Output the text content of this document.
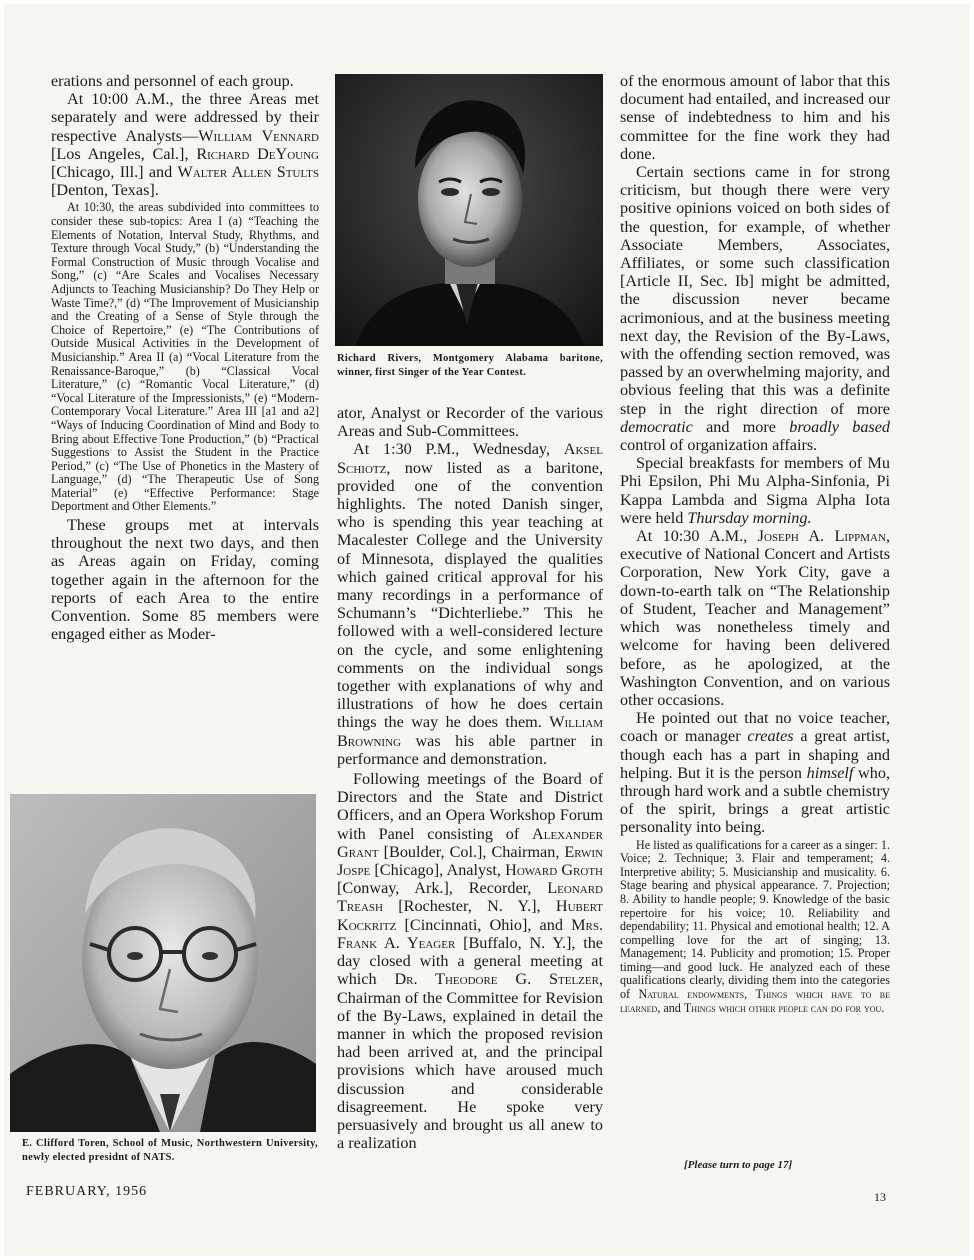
erations and personnel of each group.

At 10:00 A.M., the three Areas met separately and were addressed by their respective Analysts—William Vennard [Los Angeles, Cal.], Richard DeYoung [Chicago, Ill.] and Walter Allen Stults [Denton, Texas].

At 10:30, the areas subdivided into committees to consider these sub-topics: Area I (a) “Teaching the Elements of Notation, Interval Study, Rhythms, and Texture through Vocal Study,” (b) “Understanding the Formal Construction of Music through Vocalise and Song,” (c) “Are Scales and Vocalises Necessary Adjuncts to Teaching Musicianship? Do They Help or Waste Time?,” (d) “The Improvement of Musicianship and the Creating of a Sense of Style through the Choice of Repertoire,” (e) “The Contributions of Outside Musical Activities in the Development of Musicianship.” Area II (a) “Vocal Literature from the Renaissance-Baroque,” (b) “Classical Vocal Literature,” (c) “Romantic Vocal Literature,” (d) “Vocal Literature of the Impressionists,” (e) “Modern-Contemporary Vocal Literature.” Area III [a1 and a2] “Ways of Inducing Coordination of Mind and Body to Bring about Effective Tone Production,” (b) “Practical Suggestions to Assist the Student in the Practice Period,” (c) “The Use of Phonetics in the Mastery of Language,” (d) “The Therapeutic Use of Song Material” (e) “Effective Performance: Stage Deportment and Other Elements.”

These groups met at intervals throughout the next two days, and then as Areas again on Friday, coming together again in the afternoon for the reports of each Area to the entire Convention. Some 85 members were engaged either as Moder-

Richard Rivers, Montgomery Alabama baritone, winner, first Singer of the Year Contest.

ator, Analyst or Recorder of the various Areas and Sub-Committees.

At 1:30 P.M., Wednesday, Aksel Schiotz, now listed as a baritone, provided one of the convention highlights. The noted Danish singer, who is spending this year teaching at Macalester College and the University of Minnesota, displayed the qualities which gained critical approval for his many recordings in a performance of Schumann’s “Dichterliebe.” This he followed with a well-considered lecture on the cycle, and some enlightening comments on the individual songs together with explanations of why and illustrations of how he does certain things the way he does them. William Browning was his able partner in performance and demonstration.

Following meetings of the Board of Directors and the State and District Officers, and an Opera Workshop Forum with Panel consisting of Alexander Grant [Boulder, Col.], Chairman, Erwin Jospe [Chicago], Analyst, Howard Groth [Conway, Ark.], Recorder, Leonard Treash [Rochester, N. Y.], Hubert Kockritz [Cincinnati, Ohio], and Mrs. Frank A. Yeager [Buffalo, N. Y.], the day closed with a general meeting at which Dr. Theodore G. Stelzer, Chairman of the Committee for Revision of the By-Laws, explained in detail the manner in which the proposed revision had been arrived at, and the principal provisions which have aroused much discussion and considerable disagreement. He spoke very persuasively and brought us all anew to a realization

E. Clifford Toren, School of Music, Northwestern University, newly elected presidnt of NATS.

of the enormous amount of labor that this document had entailed, and increased our sense of indebtedness to him and his committee for the fine work they had done.

Certain sections came in for strong criticism, but though there were very positive opinions voiced on both sides of the question, for example, of whether Associate Members, Associates, Affiliates, or some such classification [Article II, Sec. Ib] might be admitted, the discussion never became acrimonious, and at the business meeting next day, the Revision of the By-Laws, with the offending section removed, was passed by an overwhelming majority, and obvious feeling that this was a definite step in the right direction of more democratic and more broadly based control of organization affairs.

Special breakfasts for members of Mu Phi Epsilon, Phi Mu Alpha-Sinfonia, Pi Kappa Lambda and Sigma Alpha Iota were held Thursday morning.

At 10:30 A.M., Joseph A. Lippman, executive of National Concert and Artists Corporation, New York City, gave a down-to-earth talk on “The Relationship of Student, Teacher and Management” which was nonetheless timely and welcome for having been delivered before, as he apologized, at the Washington Convention, and on various other occasions.

He pointed out that no voice teacher, coach or manager creates a great artist, though each has a part in shaping and helping. But it is the person himself who, through hard work and a subtle chemistry of the spirit, brings a great artistic personality into being.

He listed as qualifications for a career as a singer: 1. Voice; 2. Technique; 3. Flair and temperament; 4. Interpretive ability; 5. Musicianship and musicality. 6. Stage bearing and physical appearance. 7. Projection; 8. Ability to handle people; 9. Knowledge of the basic repertoire for his voice; 10. Reliability and dependability; 11. Physical and emotional health; 12. A compelling love for the art of singing; 13. Management; 14. Publicity and promotion; 15. Proper timing—and good luck. He analyzed each of these qualifications clearly, dividing them into the categories of Natural endowments, Things which have to be learned, and Things which other people can do for you.

[Please turn to page 17]
FEBRUARY, 1956	13
